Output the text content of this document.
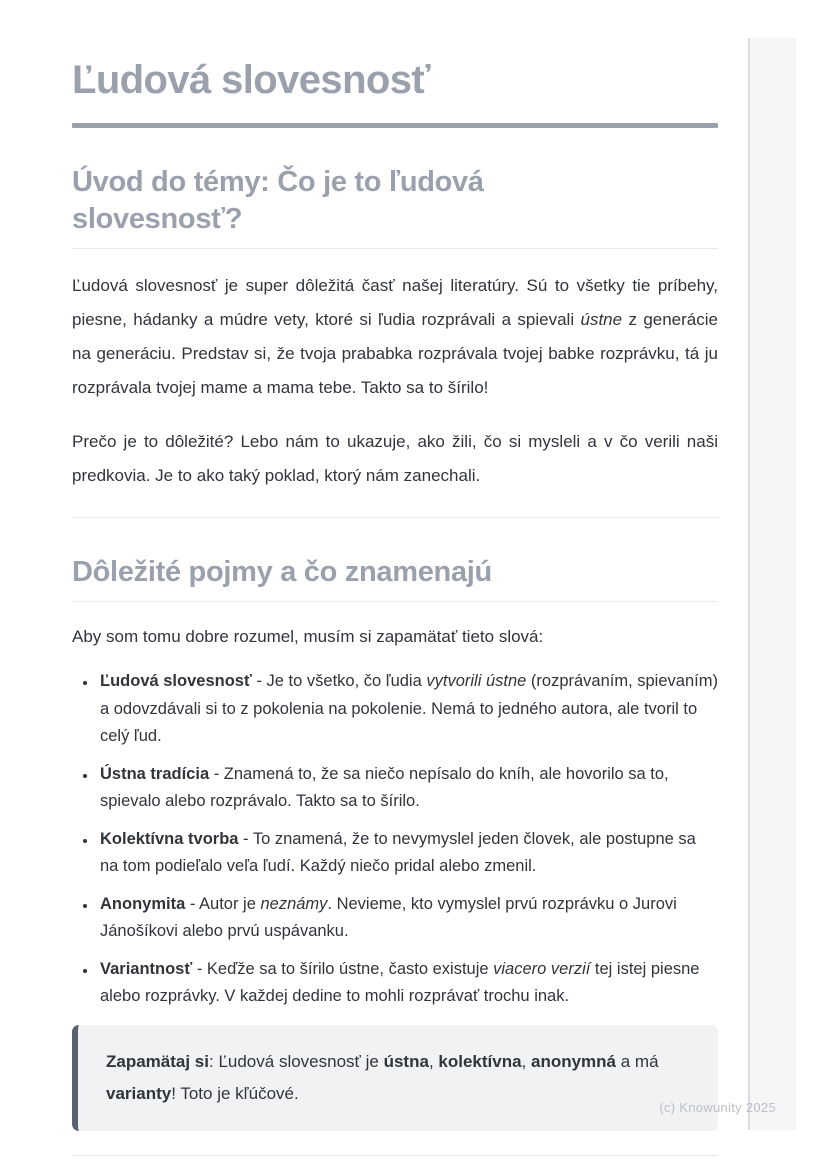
Ľudová slovesnosť
Úvod do témy: Čo je to ľudová slovesnosť?

Ľudová slovesnosť je super dôležitá časť našej literatúry. Sú to všetky tie príbehy, piesne, hádanky a múdre vety, ktoré si ľudia rozprávali a spievali ústne z generácie na generáciu. Predstav si, že tvoja prababka rozprávala tvojej babke rozprávku, tá ju rozprávala tvojej mame a mama tebe. Takto sa to šírilo!

Prečo je to dôležité? Lebo nám to ukazuje, ako žili, čo si mysleli a v čo verili naši predkovia. Je to ako taký poklad, ktorý nám zanechali.

Dôležité pojmy a čo znamenajú

Aby som tomu dobre rozumel, musím si zapamätať tieto slová:

• Ľudová slovesnosť - Je to všetko, čo ľudia vytvorili ústne (rozprávaním, spievaním) a odovzdávali si to z pokolenia na pokolenie. Nemá to jedného autora, ale tvoril to celý ľud.
• Ústna tradícia - Znamená to, že sa niečo nepísalo do kníh, ale hovorilo sa to, spievalo alebo rozprávalo. Takto sa to šírilo.
• Kolektívna tvorba - To znamená, že to nevymyslel jeden človek, ale postupne sa na tom podieľalo veľa ľudí. Každý niečo pridal alebo zmenil.
• Anonymita - Autor je neznámy. Nevieme, kto vymyslel prvú rozprávku o Jurovi Jánošíkovi alebo prvú uspávanku.
• Variantnosť - Keďže sa to šírilo ústne, často existuje viacero verzií tej istej piesne alebo rozprávky. V každej dedine to mohli rozprávať trochu inak.

Zapamätaj si: Ľudová slovesnosť je ústna, kolektívna, anonymná a má varianty! Toto je kľúčové.

(c) Knowunity 2025
